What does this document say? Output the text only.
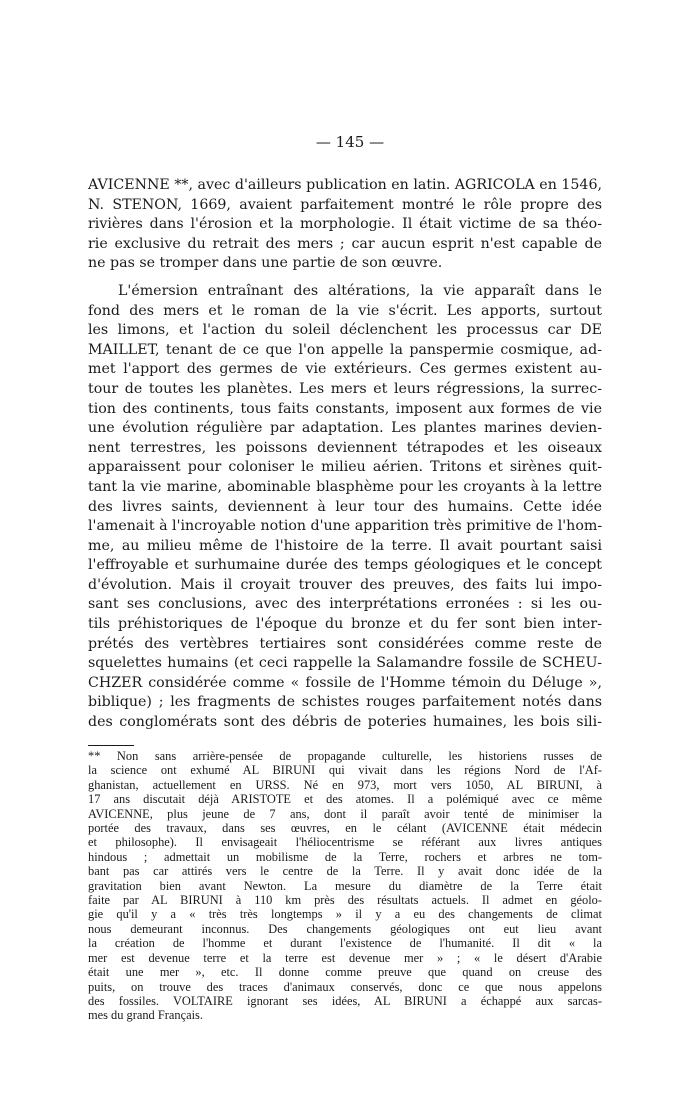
— 145 —
AVICENNE **, avec d'ailleurs publication en latin. AGRICOLA en 1546,
N. STENON, 1669, avaient parfaitement montré le rôle propre des
rivières dans l'érosion et la morphologie. Il était victime de sa théo-
rie exclusive du retrait des mers ; car aucun esprit n'est capable de
ne pas se tromper dans une partie de son œuvre.
L'émersion entraînant des altérations, la vie apparaît dans le
fond des mers et le roman de la vie s'écrit. Les apports, surtout
les limons, et l'action du soleil déclenchent les processus car DE
MAILLET, tenant de ce que l'on appelle la panspermie cosmique, ad-
met l'apport des germes de vie extérieurs. Ces germes existent au-
tour de toutes les planètes. Les mers et leurs régressions, la surrec-
tion des continents, tous faits constants, imposent aux formes de vie
une évolution régulière par adaptation. Les plantes marines devien-
nent terrestres, les poissons deviennent tétrapodes et les oiseaux
apparaissent pour coloniser le milieu aérien. Tritons et sirènes quit-
tant la vie marine, abominable blasphème pour les croyants à la lettre
des livres saints, deviennent à leur tour des humains. Cette idée
l'amenait à l'incroyable notion d'une apparition très primitive de l'hom-
me, au milieu même de l'histoire de la terre. Il avait pourtant saisi
l'effroyable et surhumaine durée des temps géologiques et le concept
d'évolution. Mais il croyait trouver des preuves, des faits lui impo-
sant ses conclusions, avec des interprétations erronées : si les ou-
tils préhistoriques de l'époque du bronze et du fer sont bien inter-
prétés des vertèbres tertiaires sont considérées comme reste de
squelettes humains (et ceci rappelle la Salamandre fossile de SCHEU-
CHZER considérée comme « fossile de l'Homme témoin du Déluge »,
biblique) ; les fragments de schistes rouges parfaitement notés dans
des conglomérats sont des débris de poteries humaines, les bois sili-
** Non sans arrière-pensée de propagande culturelle, les historiens russes de
la science ont exhumé AL BIRUNI qui vivait dans les régions Nord de l'Af-
ghanistan, actuellement en URSS. Né en 973, mort vers 1050, AL BIRUNI, à
17 ans discutait déjà ARISTOTE et des atomes. Il a polémiqué avec ce même
AVICENNE, plus jeune de 7 ans, dont il paraît avoir tenté de minimiser la
portée des travaux, dans ses œuvres, en le célant (AVICENNE était médecin
et philosophe). Il envisageait l'héliocentrisme se référant aux livres antiques
hindous ; admettait un mobilisme de la Terre, rochers et arbres ne tom-
bant pas car attirés vers le centre de la Terre. Il y avait donc idée de la
gravitation bien avant Newton. La mesure du diamètre de la Terre était
faite par AL BIRUNI à 110 km près des résultats actuels. Il admet en géolo-
gie qu'il y a « très très longtemps » il y a eu des changements de climat
nous demeurant inconnus. Des changements géologiques ont eut lieu avant
la création de l'homme et durant l'existence de l'humanité. Il dit « la
mer est devenue terre et la terre est devenue mer » ; « le désert d'Arabie
était une mer », etc. Il donne comme preuve que quand on creuse des
puits, on trouve des traces d'animaux conservés, donc ce que nous appelons
des fossiles. VOLTAIRE ignorant ses idées, AL BIRUNI a échappé aux sarcas-
mes du grand Français.
